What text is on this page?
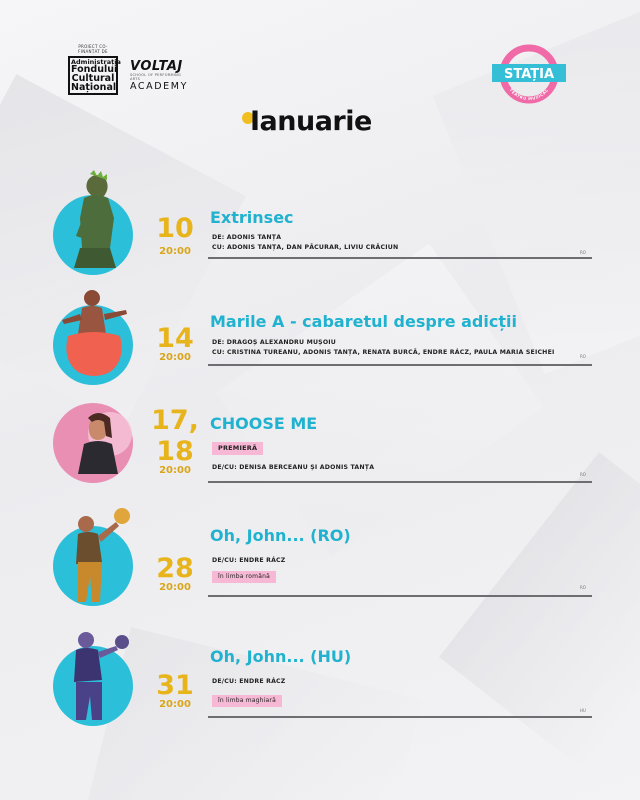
PROIECT CO-FINANȚAT DE
Administrația
Fondului
Cultural
Național
VOLTAJ
SCHOOL OF PERFORMING ARTS
ACADEMY
STAȚIA
TEATRU MUZICAL
Ianuarie
10
20:00
Extrinsec
DE: ADONIS TANȚA
CU: ADONIS TANȚA, DAN PĂCURAR, LIVIU CRĂCIUN
RO
14
20:00
Marile A - cabaretul despre adicții
DE: DRAGOȘ ALEXANDRU MUȘOIU
CU: CRISTINA TUREANU, ADONIS TANȚA, RENATA BURCĂ, ENDRE RÁCZ, PAULA MARIA SEICHEI
RO
17,
18
20:00
CHOOSE ME
PREMIERĂ
DE/CU: DENISA BERCEANU ȘI ADONIS TANȚA
RO
28
20:00
Oh, John... (RO)
DE/CU: ENDRE RÁCZ
în limba română
RO
31
20:00
Oh, John... (HU)
DE/CU: ENDRE RÁCZ
în limba maghiară
HU
